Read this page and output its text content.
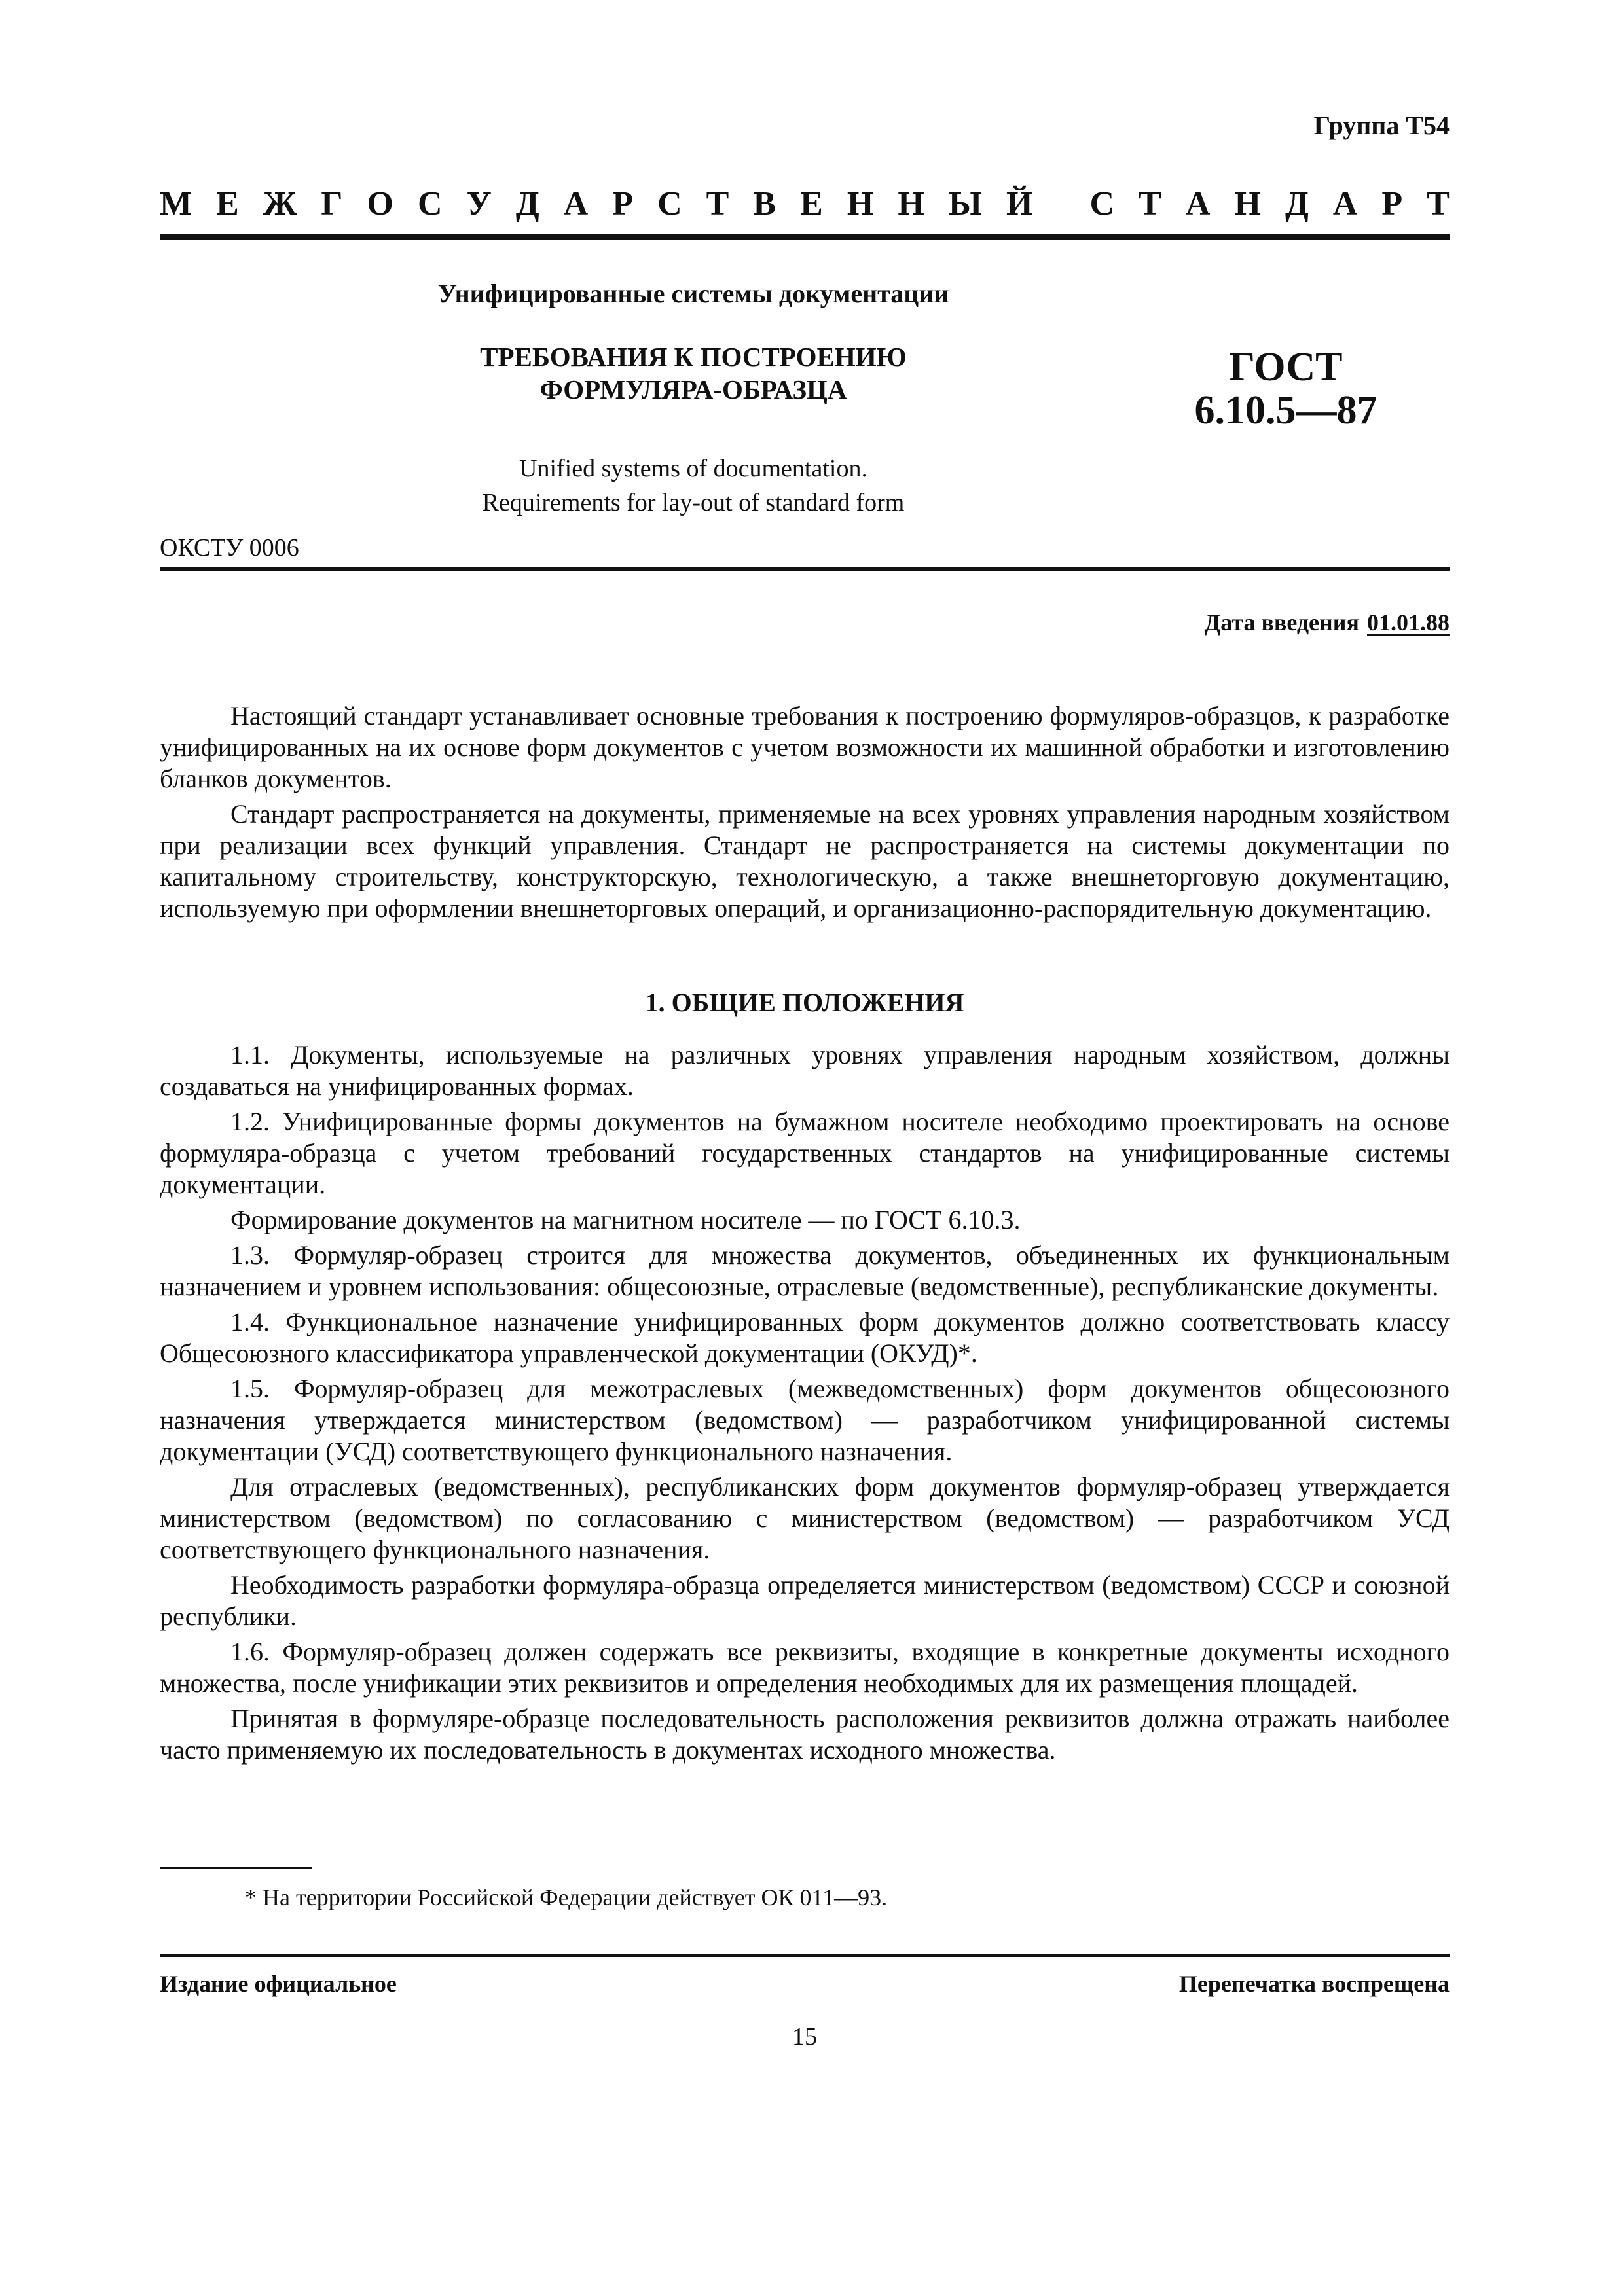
Группа Т54
М Е Ж Г О С У Д А Р С Т В Е Н Н Ы Й
С Т А Н Д А Р Т
Унифицированные системы документации
ТРЕБОВАНИЯ К ПОСТРОЕНИЮ
ФОРМУЛЯРА-ОБРАЗЦА	ГОСТ
6.10.5—87
Unified systems of documentation.
Requirements for lay-out of standard form
ОКСТУ 0006
Дата введения 01.01.88

Настоящий стандарт устанавливает основные требования к построению формуляров-образцов, к разработке унифицированных на их основе форм документов с учетом возможности их машинной обработки и изготовлению бланков документов.

Стандарт распространяется на документы, применяемые на всех уровнях управления народным хозяйством при реализации всех функций управления. Стандарт не распространяется на системы документации по капитальному строительству, конструкторскую, технологическую, а также внешнеторговую документацию, используемую при оформлении внешнеторговых операций, и организационно-распорядительную документацию.

1. ОБЩИЕ ПОЛОЖЕНИЯ

1.1. Документы, используемые на различных уровнях управления народным хозяйством, должны создаваться на унифицированных формах.

1.2. Унифицированные формы документов на бумажном носителе необходимо проектировать на основе формуляра-образца с учетом требований государственных стандартов на унифицированные системы документации.

Формирование документов на магнитном носителе — по ГОСТ 6.10.3.

1.3. Формуляр-образец строится для множества документов, объединенных их функциональным назначением и уровнем использования: общесоюзные, отраслевые (ведомственные), республиканские документы.

1.4. Функциональное назначение унифицированных форм документов должно соответствовать классу Общесоюзного классификатора управленческой документации (ОКУД)*.

1.5. Формуляр-образец для межотраслевых (межведомственных) форм документов общесоюзного назначения утверждается министерством (ведомством) — разработчиком унифицированной системы документации (УСД) соответствующего функционального назначения.

Для отраслевых (ведомственных), республиканских форм документов формуляр-образец утверждается министерством (ведомством) по согласованию с министерством (ведомством) — разработчиком УСД соответствующего функционального назначения.

Необходимость разработки формуляра-образца определяется министерством (ведомством) СССР и союзной республики.

1.6. Формуляр-образец должен содержать все реквизиты, входящие в конкретные документы исходного множества, после унификации этих реквизитов и определения необходимых для их размещения площадей.

Принятая в формуляре-образце последовательность расположения реквизитов должна отражать наиболее часто применяемую их последовательность в документах исходного множества.

* На территории Российской Федерации действует ОК 011—93.
Издание официальное	Перепечатка воспрещена
15
